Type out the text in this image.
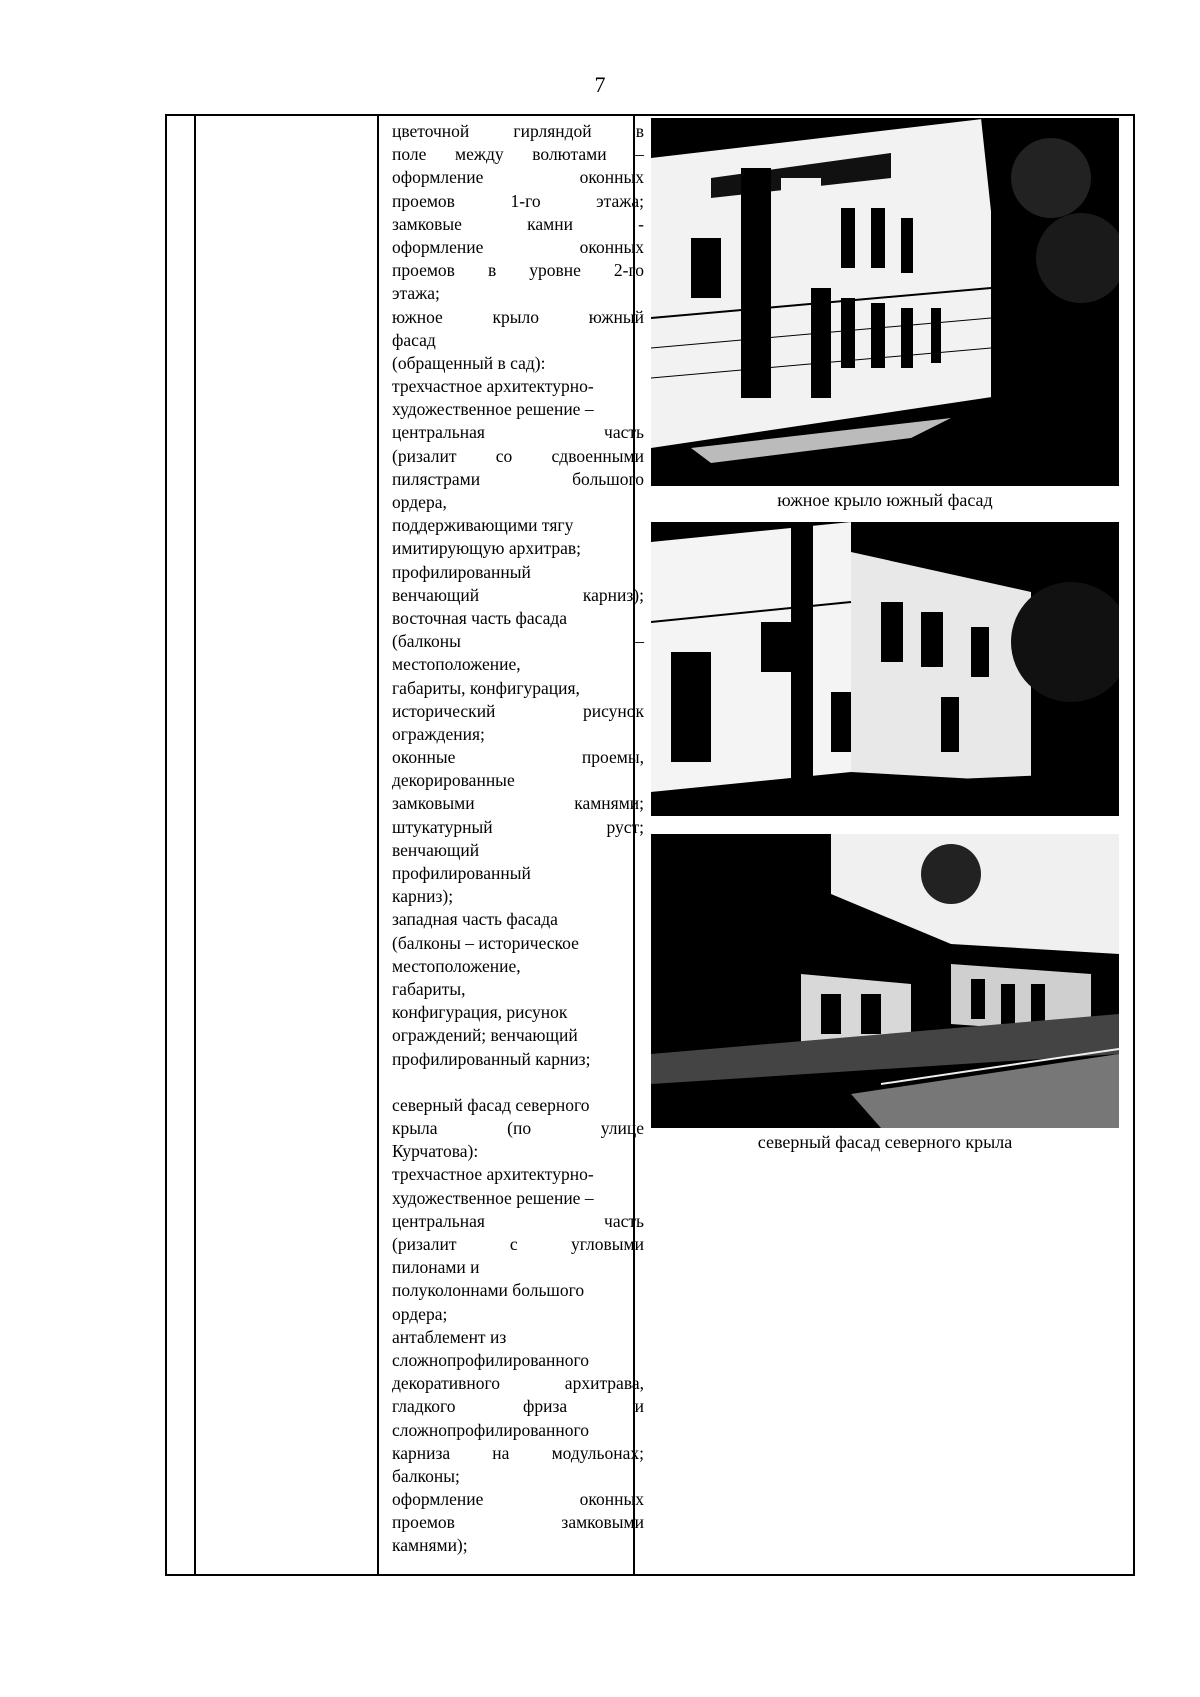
7
цветочной гирляндой в
поле между волютами –
оформление оконных
проемов 1-го этажа;
замковые камни -
оформление оконных
проемов в уровне 2-го
этажа;
южное крыло южный
фасад
(обращенный в сад):
трехчастное архитектурно-
художественное решение –
центральная часть
(ризалит со сдвоенными
пилястрами большого
ордера,
поддерживающими тягу
имитирующую архитрав;
профилированный
венчающий карниз);
восточная часть фасада
(балконы –
местоположение,
габариты, конфигурация,
исторический рисунок
ограждения;
оконные проемы,
декорированные
замковыми камнями;
штукатурный руст;
венчающий
профилированный
карниз);
западная часть фасада
(балконы – историческое
местоположение,
габариты,
конфигурация, рисунок
ограждений; венчающий
профилированный карниз;
северный фасад северного
крыла (по улице
Курчатова):
трехчастное архитектурно-
художественное решение –
центральная часть
(ризалит с угловыми
пилонами и
полуколоннами большого
ордера;
антаблемент из
сложнопрофилированного
декоративного архитрава,
гладкого фриза и
сложнопрофилированного
карниза на модульонах;
балконы;
оформление оконных
проемов замковыми
камнями);
южное крыло южный фасад
северный фасад северного крыла
